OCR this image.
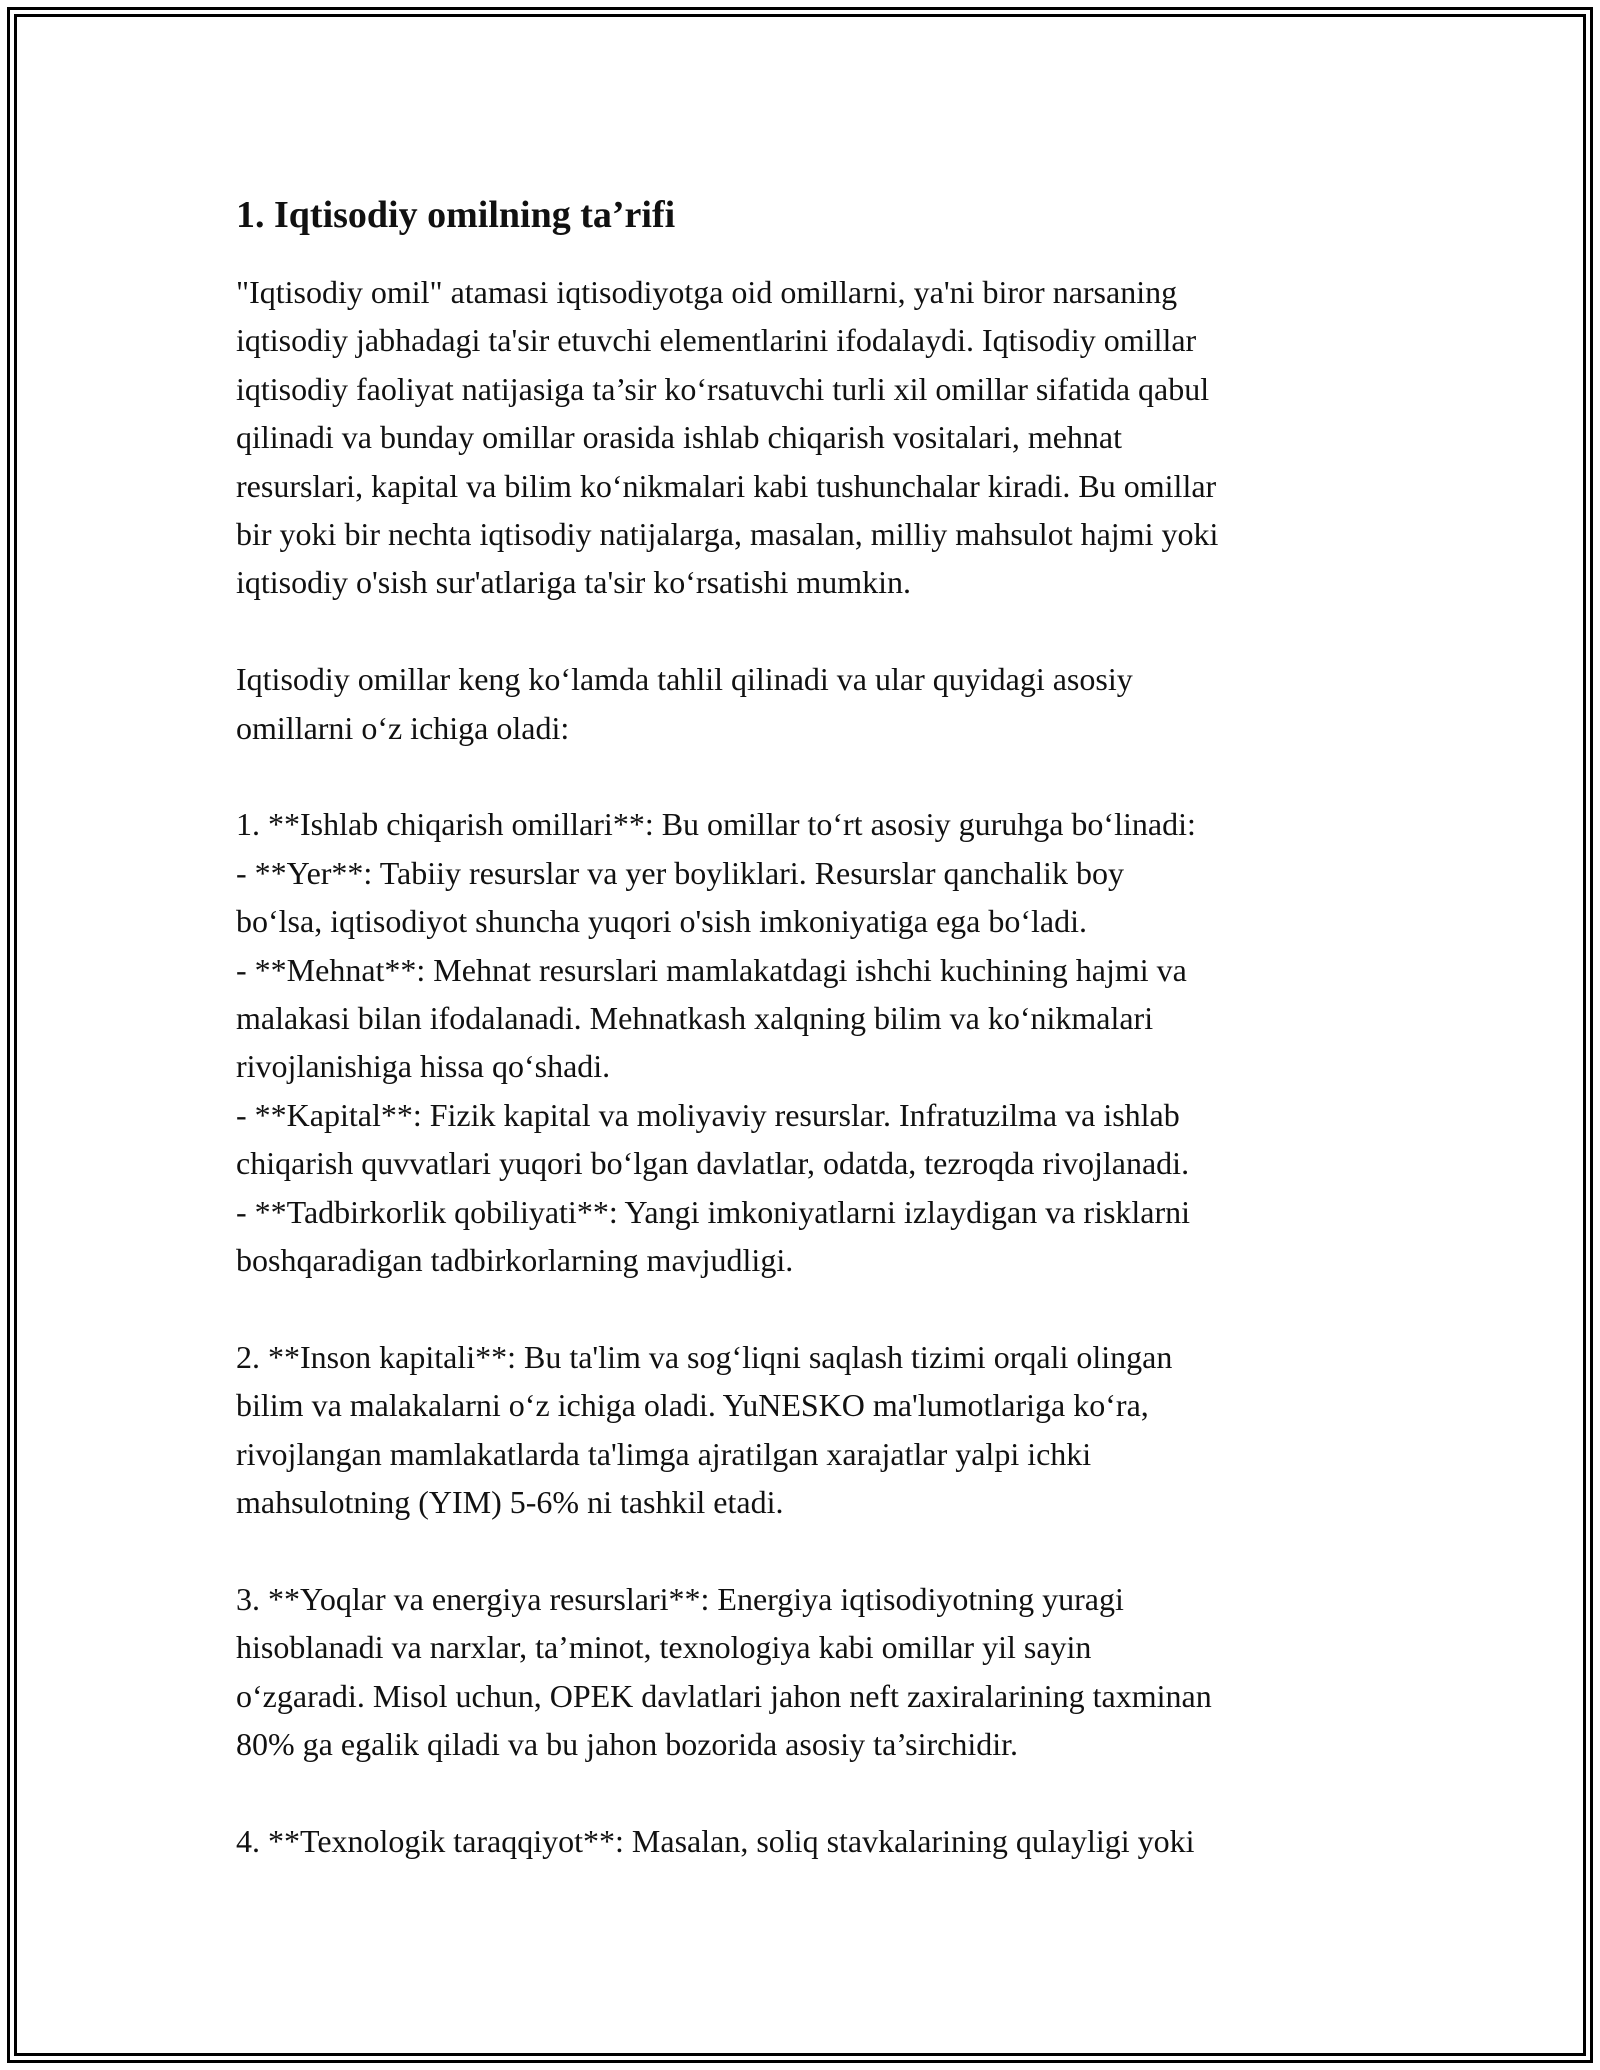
1. Iqtisodiy omilning ta’rifi

"Iqtisodiy omil" atamasi iqtisodiyotga oid omillarni, ya'ni biror narsaning
iqtisodiy jabhadagi ta'sir etuvchi elementlarini ifodalaydi. Iqtisodiy omillar
iqtisodiy faoliyat natijasiga ta’sir ko‘rsatuvchi turli xil omillar sifatida qabul
qilinadi va bunday omillar orasida ishlab chiqarish vositalari, mehnat
resurslari, kapital va bilim ko‘nikmalari kabi tushunchalar kiradi. Bu omillar
bir yoki bir nechta iqtisodiy natijalarga, masalan, milliy mahsulot hajmi yoki
iqtisodiy o'sish sur'atlariga ta'sir ko‘rsatishi mumkin.

Iqtisodiy omillar keng ko‘lamda tahlil qilinadi va ular quyidagi asosiy
omillarni o‘z ichiga oladi:

1. **Ishlab chiqarish omillari**: Bu omillar to‘rt asosiy guruhga bo‘linadi:
- **Yer**: Tabiiy resurslar va yer boyliklari. Resurslar qanchalik boy
bo‘lsa, iqtisodiyot shuncha yuqori o'sish imkoniyatiga ega bo‘ladi.
- **Mehnat**: Mehnat resurslari mamlakatdagi ishchi kuchining hajmi va
malakasi bilan ifodalanadi. Mehnatkash xalqning bilim va ko‘nikmalari
rivojlanishiga hissa qo‘shadi.
- **Kapital**: Fizik kapital va moliyaviy resurslar. Infratuzilma va ishlab
chiqarish quvvatlari yuqori bo‘lgan davlatlar, odatda, tezroqda rivojlanadi.
- **Tadbirkorlik qobiliyati**: Yangi imkoniyatlarni izlaydigan va risklarni
boshqaradigan tadbirkorlarning mavjudligi.

2. **Inson kapitali**: Bu ta'lim va sog‘liqni saqlash tizimi orqali olingan
bilim va malakalarni o‘z ichiga oladi. YuNESKO ma'lumotlariga ko‘ra,
rivojlangan mamlakatlarda ta'limga ajratilgan xarajatlar yalpi ichki
mahsulotning (YIM) 5-6% ni tashkil etadi.

3. **Yoqlar va energiya resurslari**: Energiya iqtisodiyotning yuragi
hisoblanadi va narxlar, ta’minot, texnologiya kabi omillar yil sayin
o‘zgaradi. Misol uchun, OPEK davlatlari jahon neft zaxiralarining taxminan
80% ga egalik qiladi va bu jahon bozorida asosiy ta’sirchidir.

4. **Texnologik taraqqiyot**: Masalan, soliq stavkalarining qulayligi yoki
